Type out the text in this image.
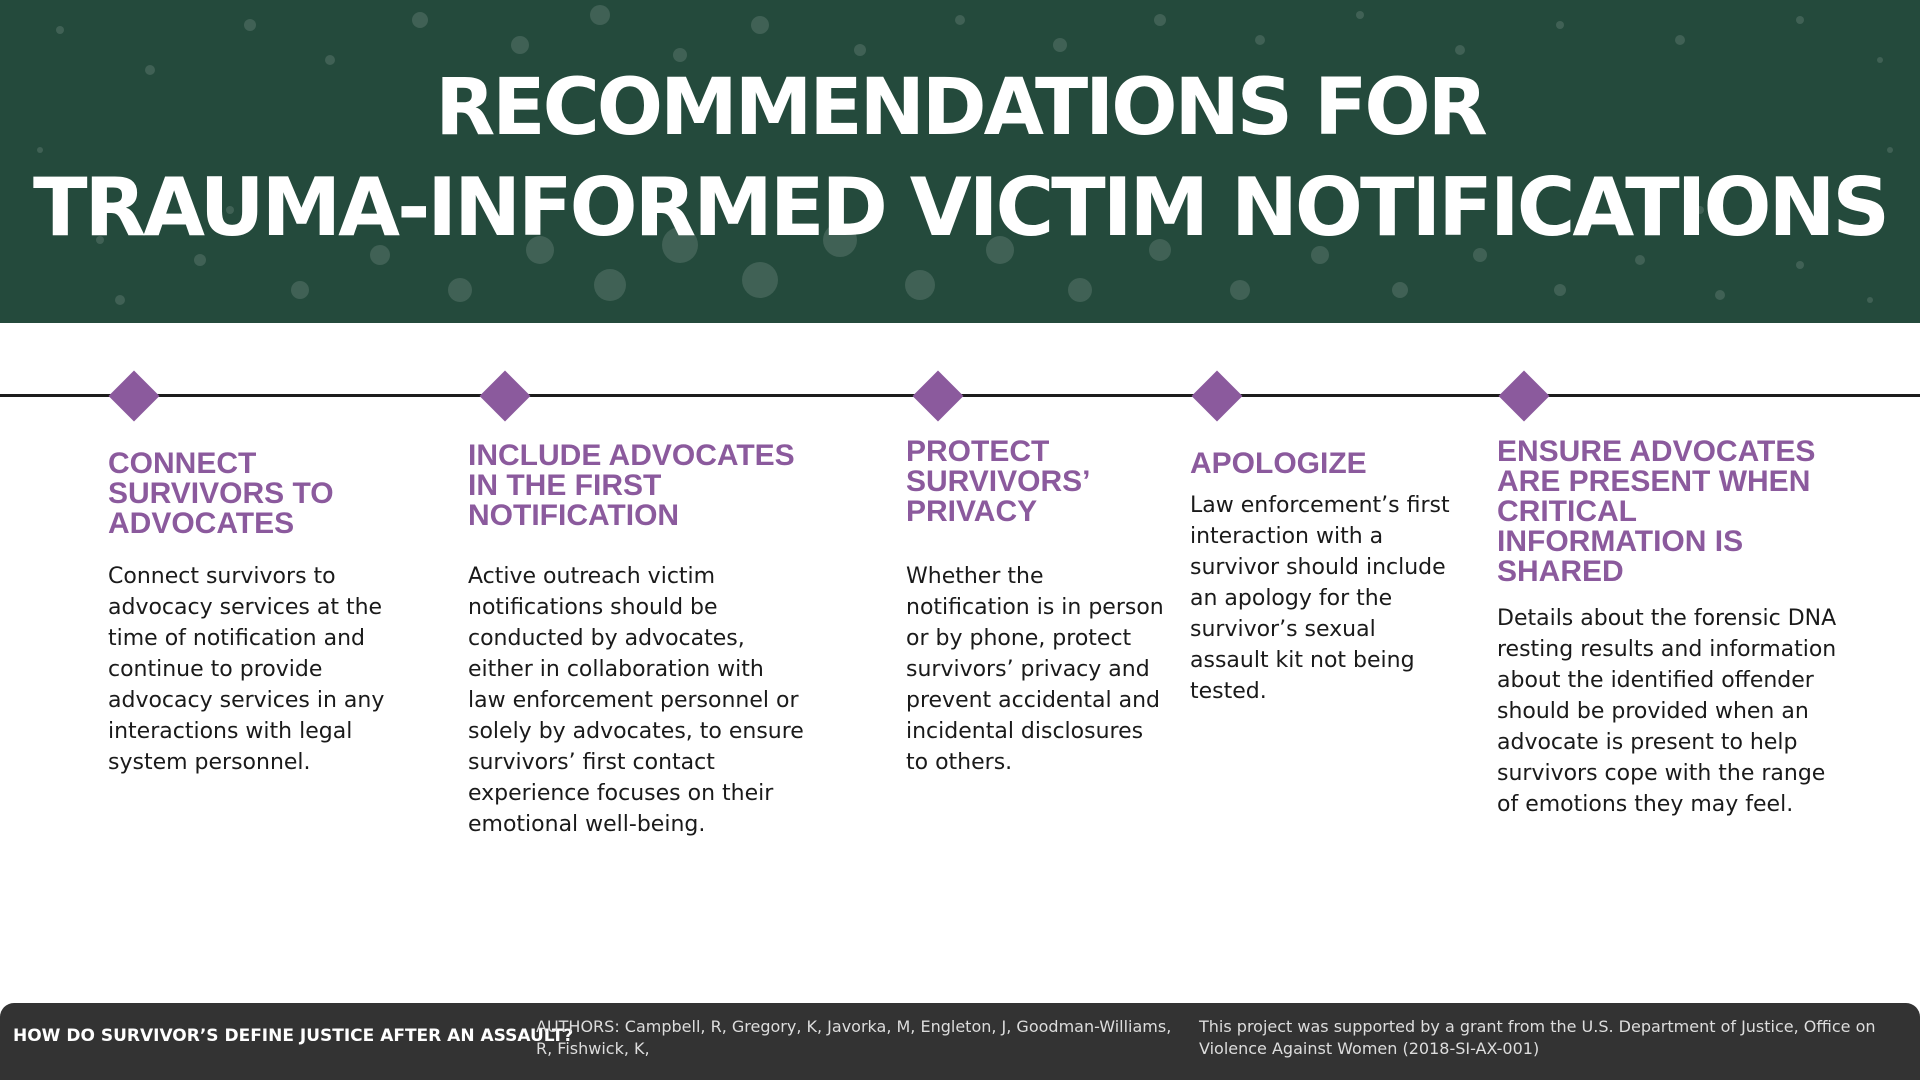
RECOMMENDATIONS FOR
TRAUMA-INFORMED VICTIM NOTIFICATIONS
CONNECT SURVIVORS TO ADVOCATES

Connect survivors to advocacy services at the time of notification and continue to provide advocacy services in any interactions with legal system personnel.

INCLUDE ADVOCATES IN THE FIRST NOTIFICATION

Active outreach victim notifications should be conducted by advocates, either in collaboration with law enforcement personnel or solely by advocates, to ensure survivors’ first contact experience focuses on their emotional well-being.

PROTECT SURVIVORS’ PRIVACY

Whether the notification is in person or by phone, protect survivors’ privacy and prevent accidental and incidental disclosures to others.

APOLOGIZE

Law enforcement’s first interaction with a survivor should include an apology for the survivor’s sexual assault kit not being tested.

ENSURE ADVOCATES ARE PRESENT WHEN CRITICAL INFORMATION IS SHARED

Details about the forensic DNA resting results and information about the identified offender should be provided when an advocate is present to help survivors cope with the range of emotions they may feel.

HOW DO SURVIVOR’S DEFINE JUSTICE AFTER AN ASSAULT?
AUTHORS: Campbell, R, Gregory, K, Javorka, M, Engleton, J, Goodman-Williams, R, Fishwick, K,
This project was supported by a grant from the U.S. Department of Justice, Office on Violence Against Women (2018-SI-AX-001)
